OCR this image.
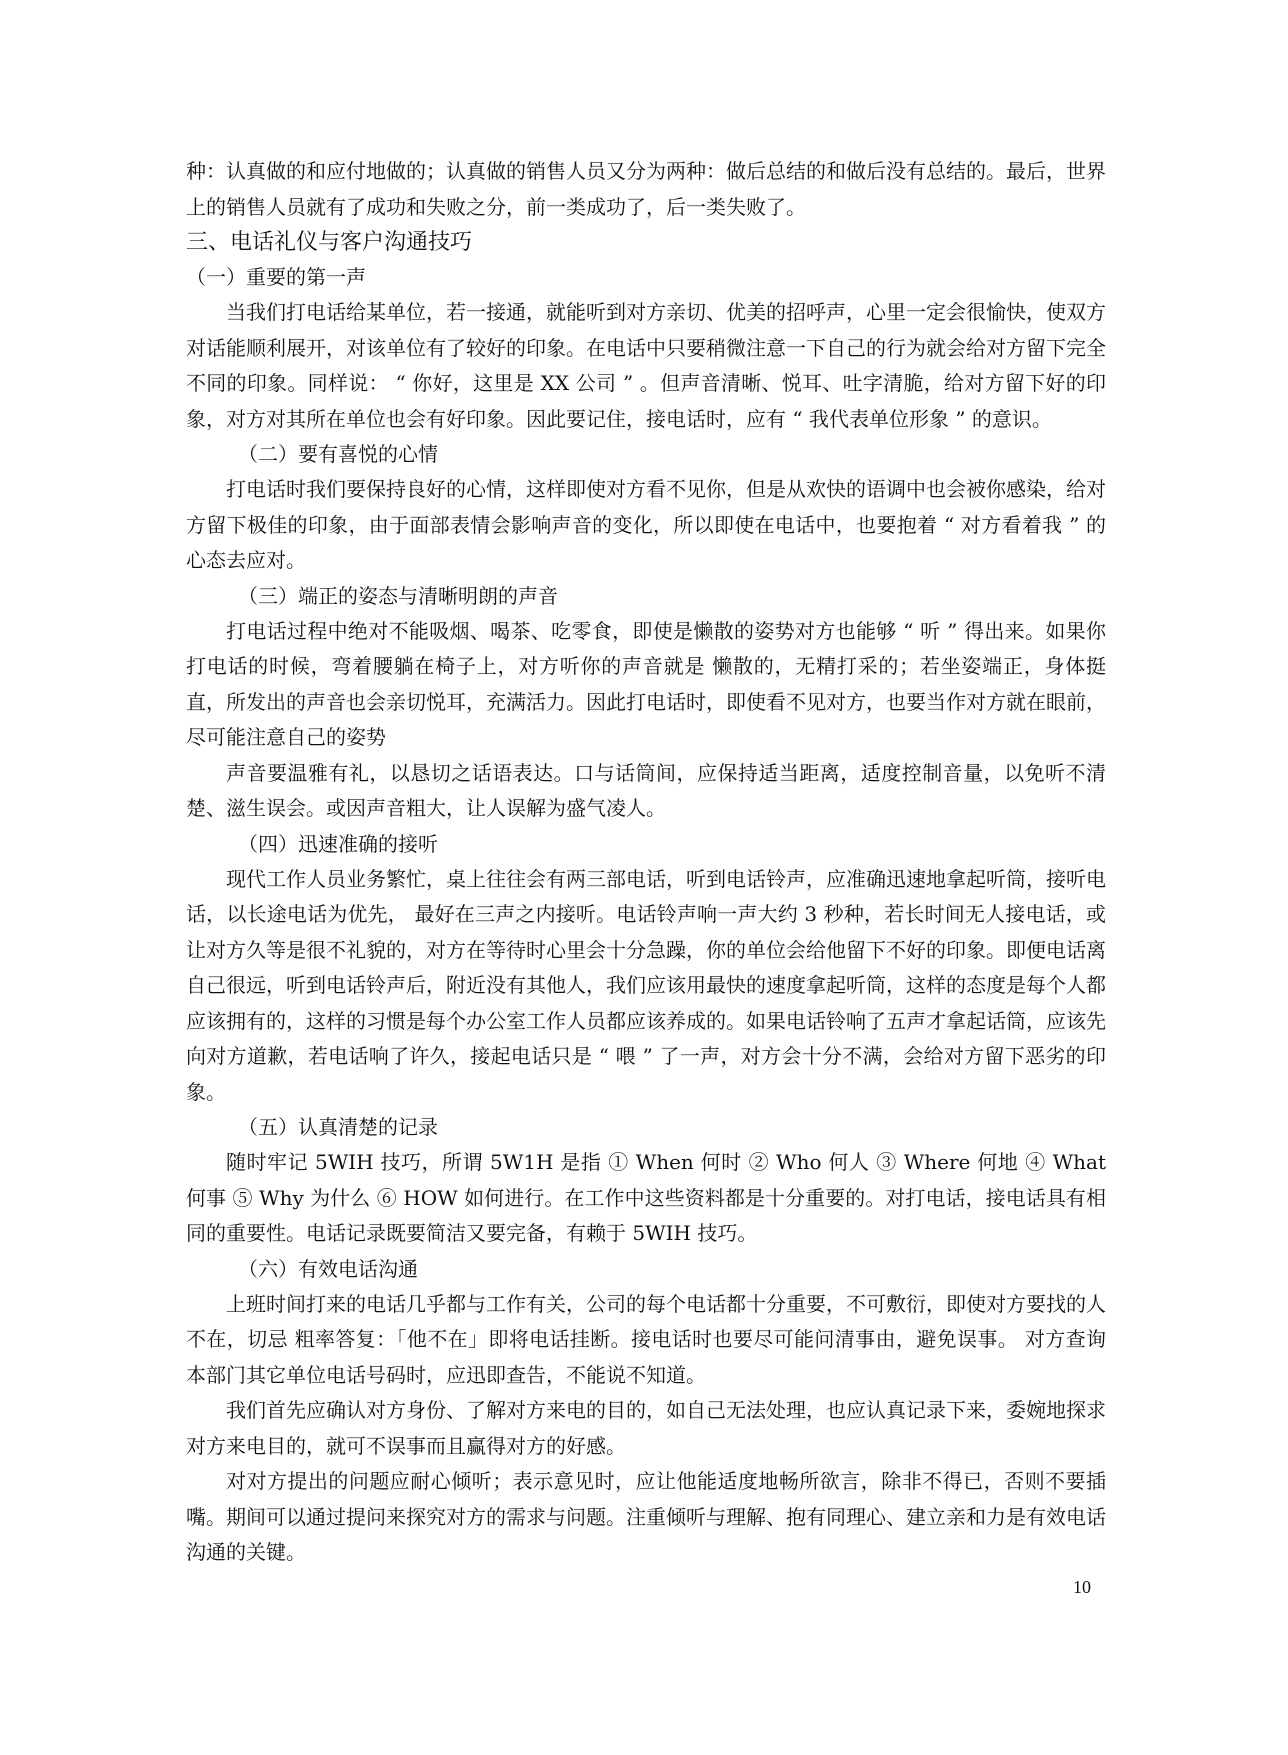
种：认真做的和应付地做的；认真做的销售人员又分为两种：做后总结的和做后没有总结的。最后，世界上的销售人员就有了成功和失败之分，前一类成功了，后一类失败了。

三、电话礼仪与客户沟通技巧

（一）重要的第一声

当我们打电话给某单位，若一接通，就能听到对方亲切、优美的招呼声，心里一定会很愉快，使双方对话能顺利展开，对该单位有了较好的印象。在电话中只要稍微注意一下自己的行为就会给对方留下完全不同的印象。同样说： “ 你好，这里是 XX 公司 ” 。但声音清晰、悦耳、吐字清脆，给对方留下好的印象，对方对其所在单位也会有好印象。因此要记住，接电话时，应有 “ 我代表单位形象 ” 的意识。

（二）要有喜悦的心情

打电话时我们要保持良好的心情，这样即使对方看不见你，但是从欢快的语调中也会被你感染，给对方留下极佳的印象，由于面部表情会影响声音的变化，所以即使在电话中，也要抱着 “ 对方看着我 ” 的心态去应对。

（三）端正的姿态与清晰明朗的声音

打电话过程中绝对不能吸烟、喝茶、吃零食，即使是懒散的姿势对方也能够 “ 听 ” 得出来。如果你打电话的时候，弯着腰躺在椅子上，对方听你的声音就是 懒散的，无精打采的；若坐姿端正，身体挺直，所发出的声音也会亲切悦耳，充满活力。因此打电话时，即使看不见对方，也要当作对方就在眼前，尽可能注意自己的姿势

声音要温雅有礼，以恳切之话语表达。口与话筒间，应保持适当距离，适度控制音量，以免听不清楚、滋生误会。或因声音粗大，让人误解为盛气凌人。

（四）迅速准确的接听

现代工作人员业务繁忙，桌上往往会有两三部电话，听到电话铃声，应准确迅速地拿起听筒，接听电话，以长途电话为优先， 最好在三声之内接听。电话铃声响一声大约 3 秒种，若长时间无人接电话，或让对方久等是很不礼貌的，对方在等待时心里会十分急躁，你的单位会给他留下不好的印象。即便电话离自己很远，听到电话铃声后，附近没有其他人，我们应该用最快的速度拿起听筒，这样的态度是每个人都应该拥有的，这样的习惯是每个办公室工作人员都应该养成的。如果电话铃响了五声才拿起话筒，应该先向对方道歉，若电话响了许久，接起电话只是 “ 喂 ” 了一声，对方会十分不满，会给对方留下恶劣的印象。

（五）认真清楚的记录

随时牢记 5WIH 技巧，所谓 5W1H 是指 ① When 何时 ② Who 何人 ③ Where 何地 ④ What 何事 ⑤ Why 为什么 ⑥ HOW 如何进行。在工作中这些资料都是十分重要的。对打电话，接电话具有相同的重要性。电话记录既要简洁又要完备，有赖于 5WIH 技巧。

（六）有效电话沟通

上班时间打来的电话几乎都与工作有关，公司的每个电话都十分重要，不可敷衍，即使对方要找的人不在，切忌 粗率答复：「他不在」即将电话挂断。接电话时也要尽可能问清事由，避免误事。 对方查询本部门其它单位电话号码时，应迅即查告，不能说不知道。

我们首先应确认对方身份、了解对方来电的目的，如自己无法处理，也应认真记录下来，委婉地探求对方来电目的，就可不误事而且赢得对方的好感。

对对方提出的问题应耐心倾听；表示意见时，应让他能适度地畅所欲言，除非不得已，否则不要插嘴。期间可以通过提问来探究对方的需求与问题。注重倾听与理解、抱有同理心、建立亲和力是有效电话沟通的关键。

10
